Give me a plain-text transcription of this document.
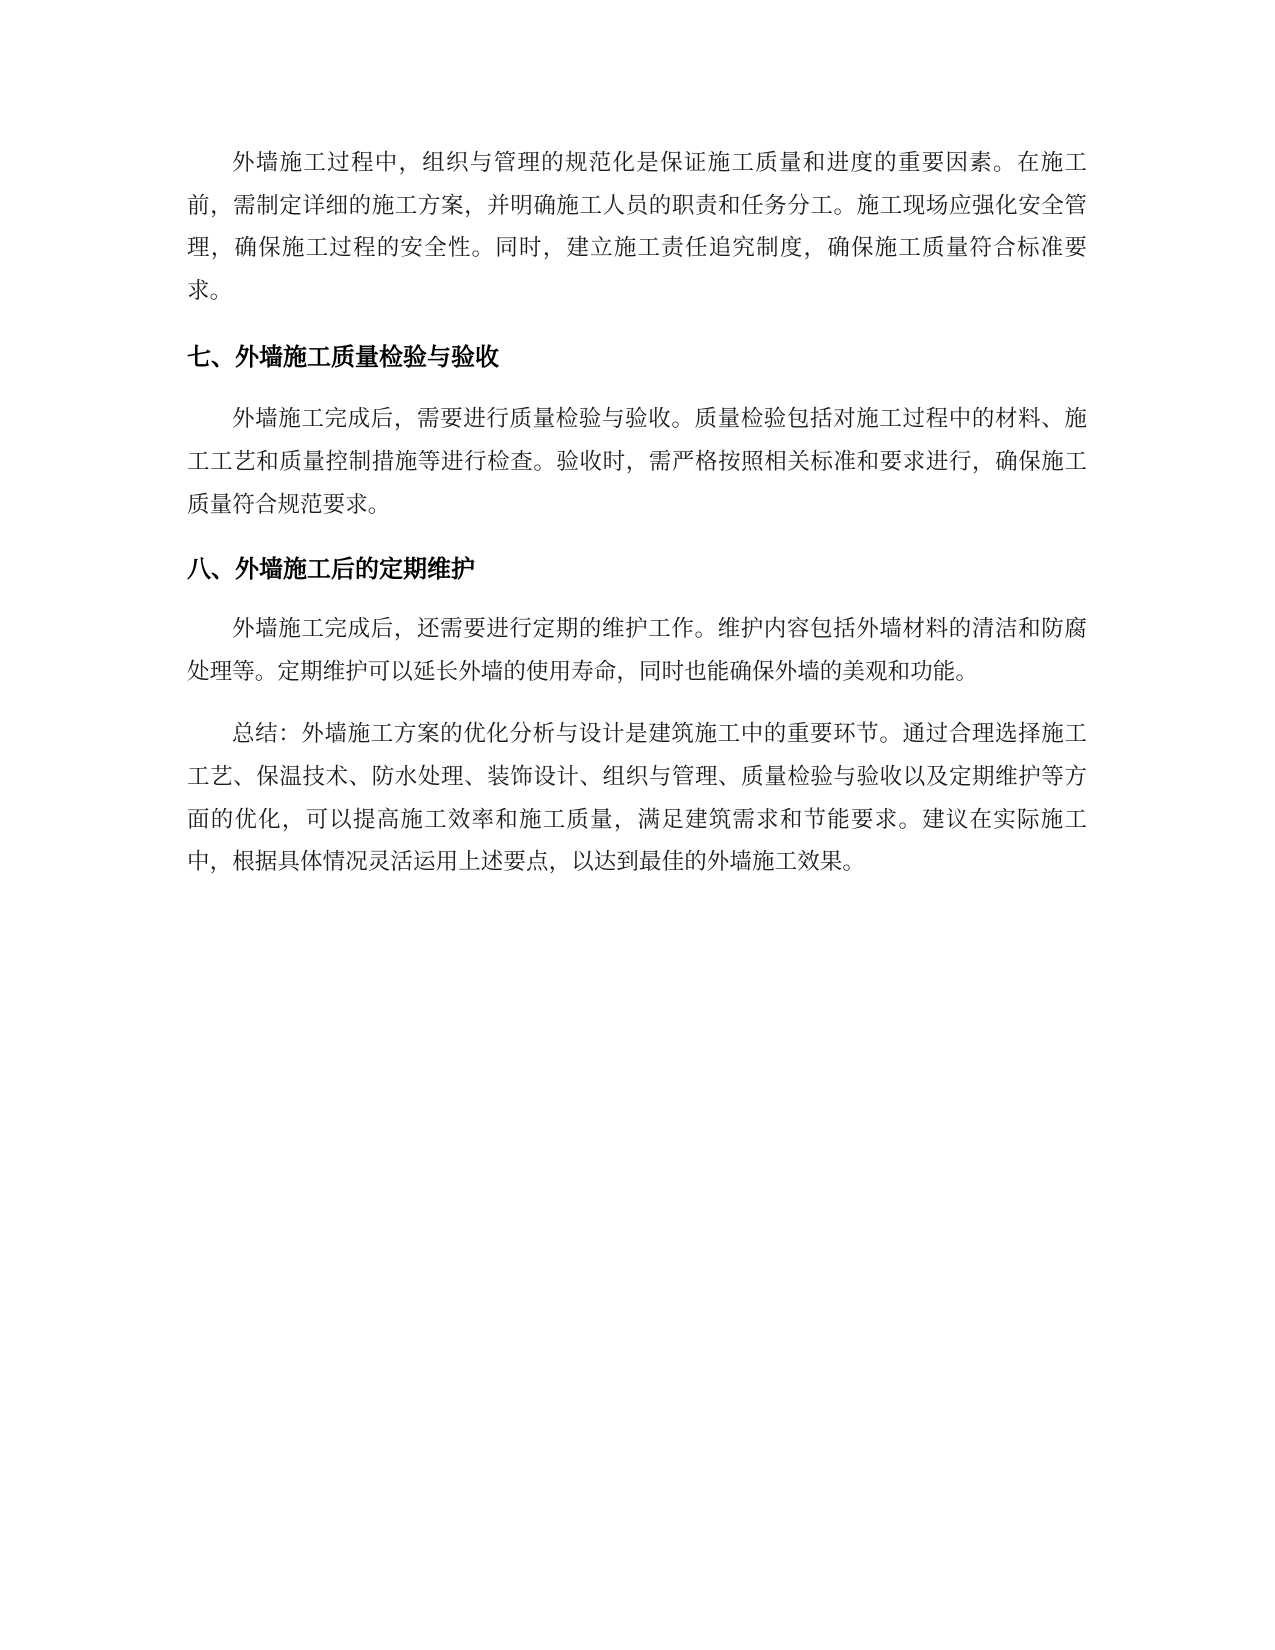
外墙施工过程中，组织与管理的规范化是保证施工质量和进度的重要因素。在施工前，需制定详细的施工方案，并明确施工人员的职责和任务分工。施工现场应强化安全管理，确保施工过程的安全性。同时，建立施工责任追究制度，确保施工质量符合标准要求。

七、外墙施工质量检验与验收

外墙施工完成后，需要进行质量检验与验收。质量检验包括对施工过程中的材料、施工工艺和质量控制措施等进行检查。验收时，需严格按照相关标准和要求进行，确保施工质量符合规范要求。

八、外墙施工后的定期维护

外墙施工完成后，还需要进行定期的维护工作。维护内容包括外墙材料的清洁和防腐处理等。定期维护可以延长外墙的使用寿命，同时也能确保外墙的美观和功能。

总结：外墙施工方案的优化分析与设计是建筑施工中的重要环节。通过合理选择施工工艺、保温技术、防水处理、装饰设计、组织与管理、质量检验与验收以及定期维护等方面的优化，可以提高施工效率和施工质量，满足建筑需求和节能要求。建议在实际施工中，根据具体情况灵活运用上述要点，以达到最佳的外墙施工效果。
